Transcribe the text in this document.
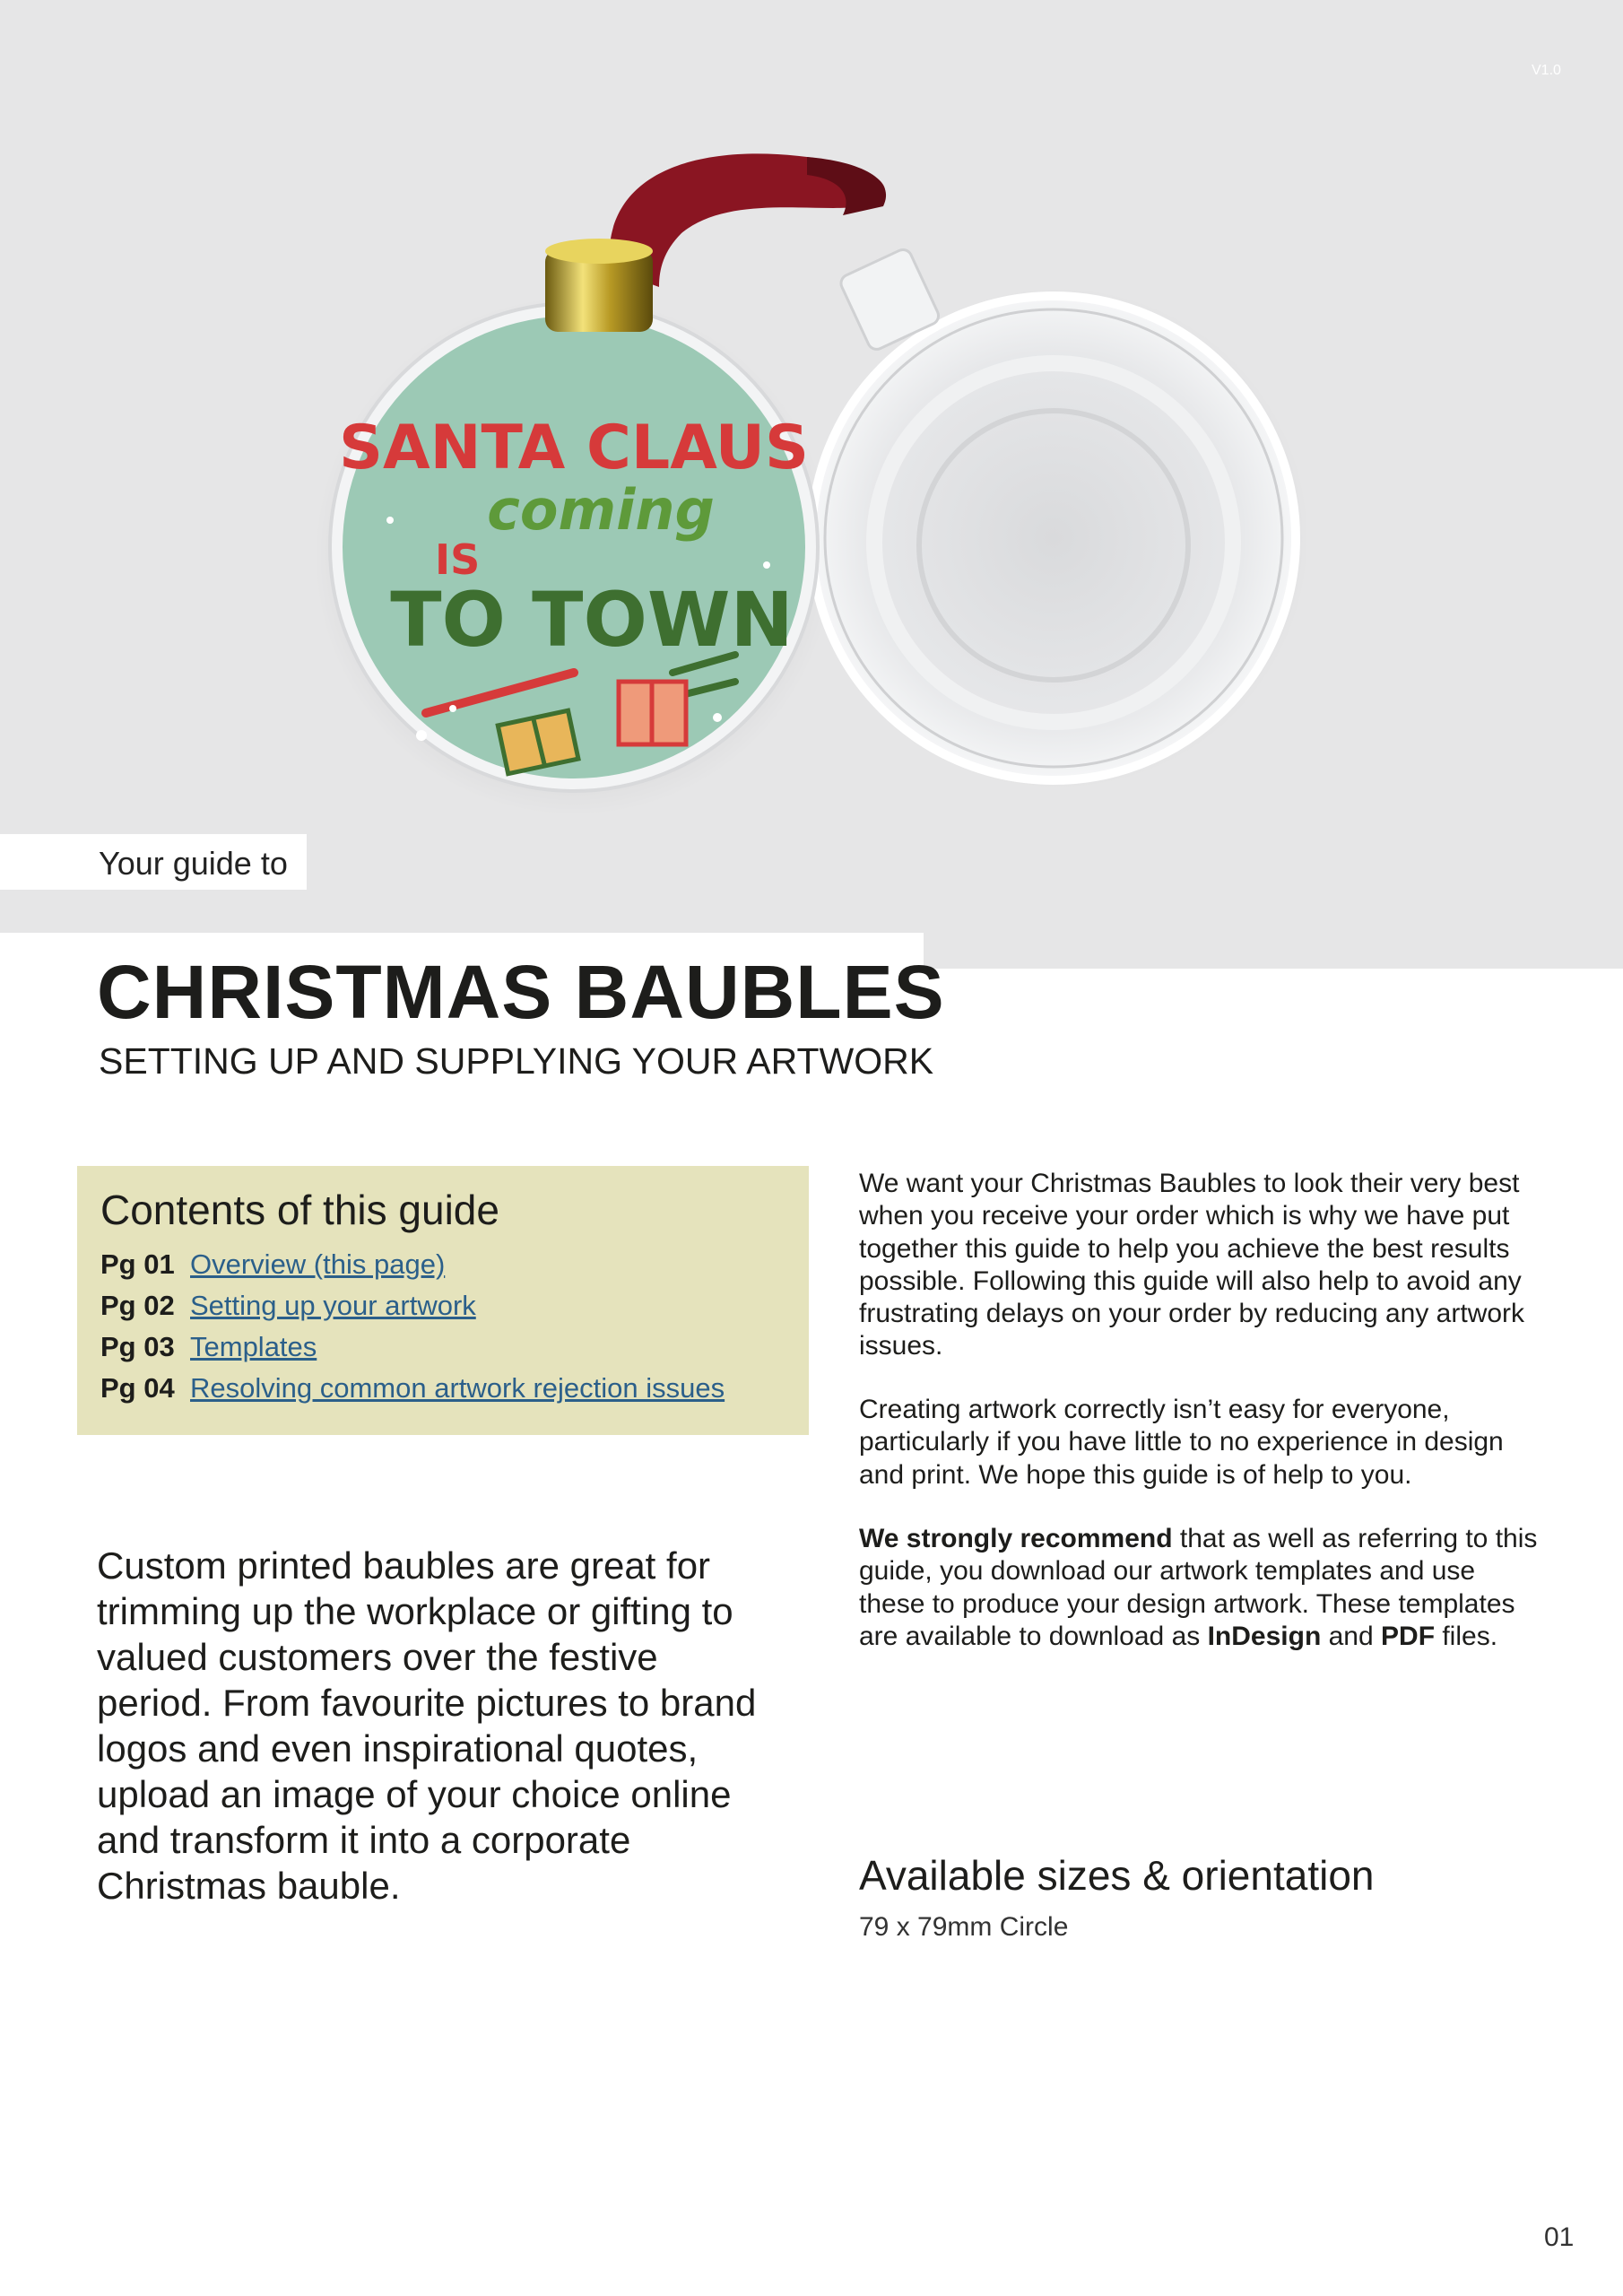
V1.0
SANTA CLAUS
coming
IS
TO TOWN
Your guide to
CHRISTMAS BAUBLES

SETTING UP AND SUPPLYING YOUR ARTWORK

Contents of this guide
Pg 01 Overview (this page)
Pg 02 Setting up your artwork
Pg 03 Templates
Pg 04 Resolving common artwork rejection issues

Custom printed baubles are great for trimming up the workplace or gifting to valued customers over the festive period. From favourite pictures to brand logos and even inspirational quotes, upload an image of your choice online and transform it into a corporate Christmas bauble.

We want your Christmas Baubles to look their very best when you receive your order which is why we have put together this guide to help you achieve the best results possible. Following this guide will also help to avoid any frustrating delays on your order by reducing any artwork issues.

Creating artwork correctly isn’t easy for everyone, particularly if you have little to no experience in design and print. We hope this guide is of help to you.

We strongly recommend that as well as referring to this guide, you download our artwork templates and use these to produce your design artwork. These templates are available to download as InDesign and PDF files.

Available sizes & orientation
79 x 79mm Circle
01
